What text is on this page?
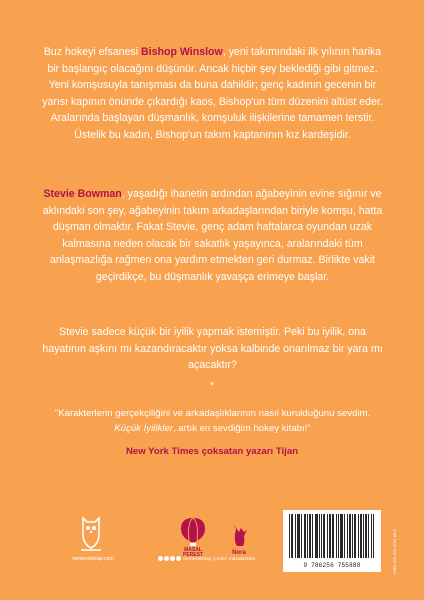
Buz hokeyi efsanesi Bishop Winslow, yeni takımındaki ilk yılının harika bir başlangıç olacağını düşünür. Ancak hiçbir şey beklediği gibi gitmez. Yeni komşusuyla tanışması da buna dahildir; genç kadının gecenin bir yarısı kapının önünde çıkardığı kaos, Bishop'un tüm düzenini altüst eder. Aralarında başlayan düşmanlık, komşuluk ilişkilerine tamamen terstir. Üstelik bu kadın, Bishop'un takım kaptanının kız kardeşidir.
Stevie Bowman, yaşadığı ihanetin ardından ağabeyinin evine sığınır ve aklındaki son şey, ağabeyinin takım arkadaşlarından biriyle komşu, hatta düşman olmaktır. Fakat Stevie, genç adam haftalarca oyundan uzak kalmasına neden olacak bir sakatlık yaşayınca, aralarındaki tüm anlaşmazlığa rağmen ona yardım etmekten geri durmaz. Birlikte vakit geçirdikçe, bu düşmanlık yavaşça erimeye başlar.
Stevie sadece küçük bir iyilik yapmak istemiştir. Peki bu iyilik, ona hayatının aşkını mı kazandıracaktır yoksa kalbinde onarılmaz bir yara mı açacaktır?
*
"Karakterlerin gerçekçiliğini ve arkadaşlıklarının nasıl kurulduğunu sevdim. Küçük İyilikler, artık en sevdiğim hokey kitabı!"
New York Times çoksatan yazarı Tijan
nemesiskitap.com
MASAL
PEREST
nemesiskitap | nora | masalperest
Nora
9 786256 755888	ISBN 978-625-6755-88-8
